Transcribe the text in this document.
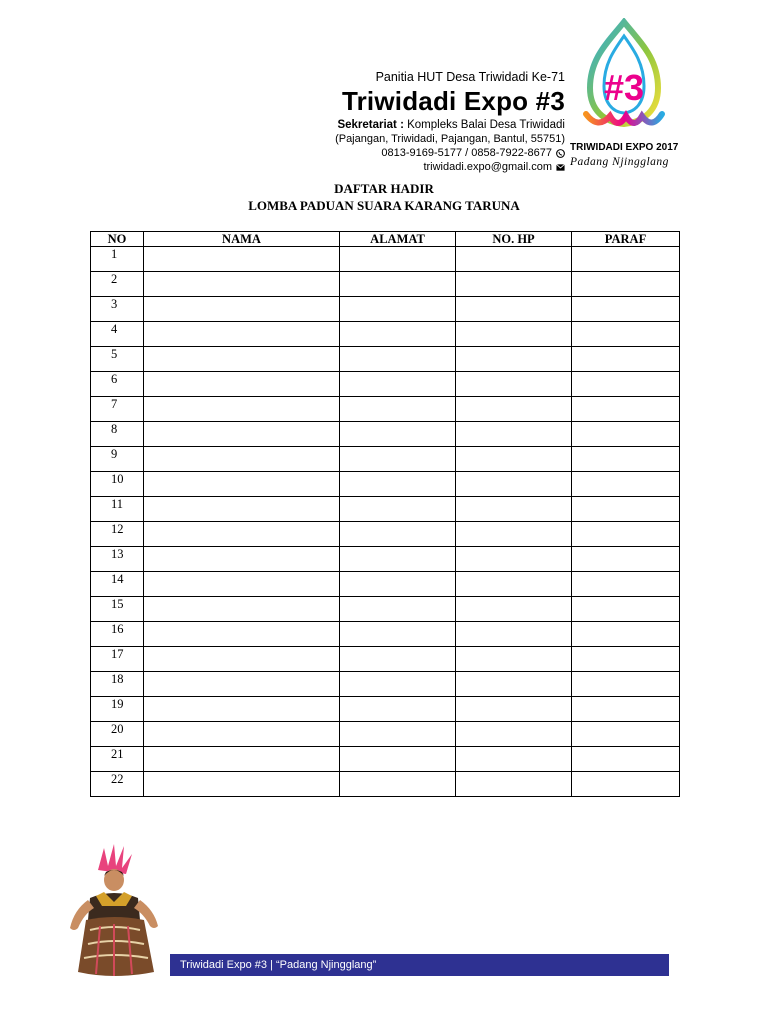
Panitia HUT Desa Triwidadi Ke-71
Triwidadi Expo #3
Sekretariat : Kompleks Balai Desa Triwidadi
(Pajangan, Triwidadi, Pajangan, Bantul, 55751)
0813-9169-5177 / 0858-7922-8677
triwidadi.expo@gmail.com
#3
TRIWIDADI EXPO 2017
Padang Njingglang
DAFTAR HADIR
LOMBA PADUAN SUARA KARANG TARUNA
NO	NAMA	ALAMAT	NO. HP	PARAF
1				
2				
3				
4				
5				
6				
7				
8				
9				
10				
11				
12				
13				
14				
15				
16				
17				
18				
19				
20				
21				
22				
Triwidadi Expo #3 | “Padang Njingglang”
